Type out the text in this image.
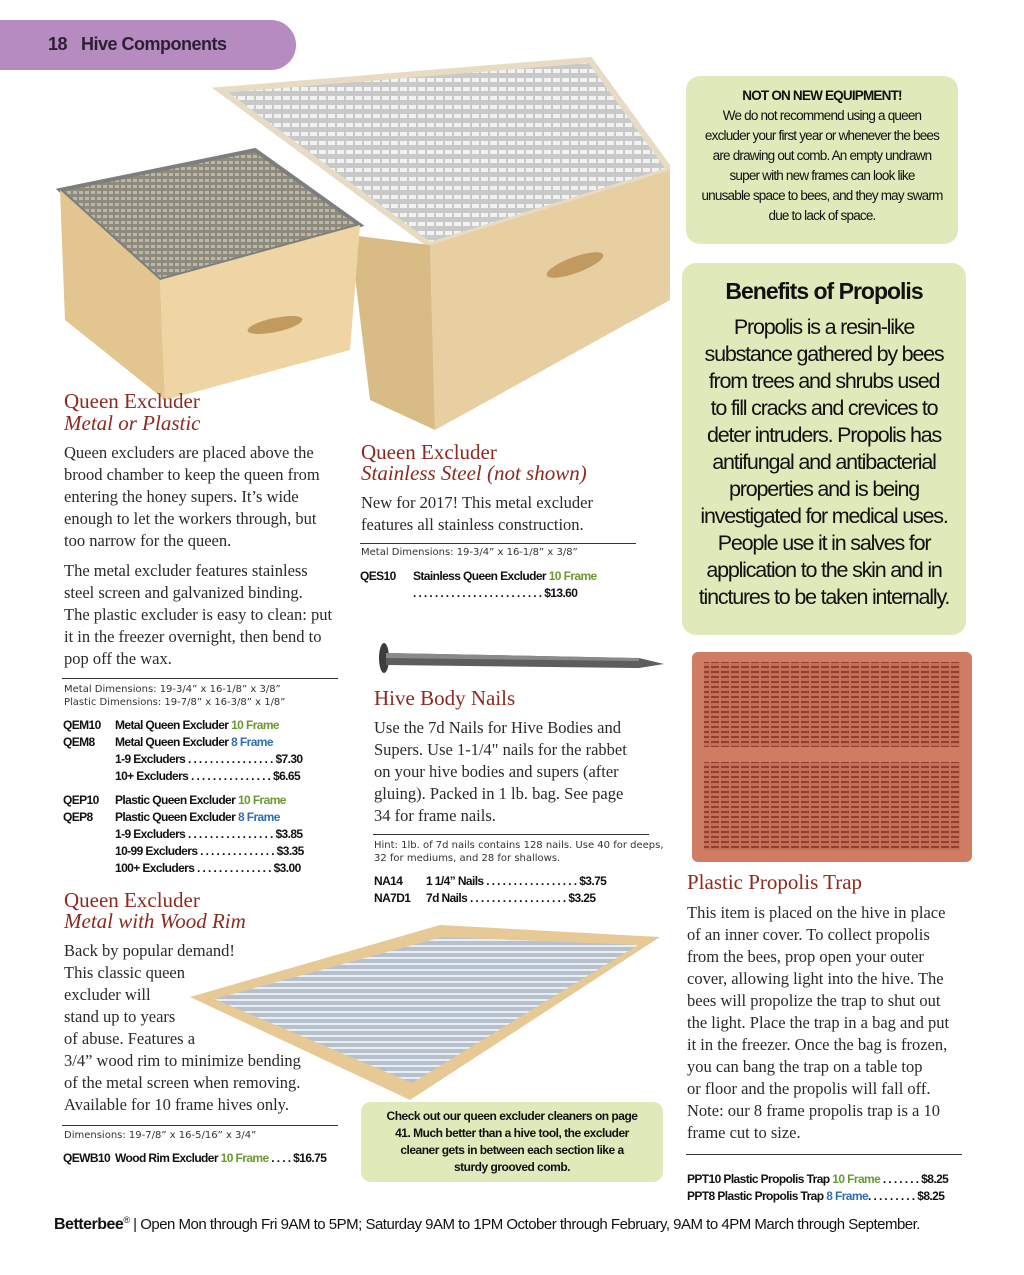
18 Hive Components
NOT ON NEW EQUIPMENT!
We do not recommend using a queen
excluder your first year or whenever the bees
are drawing out comb. An empty undrawn
super with new frames can look like
unusable space to bees, and they may swarm
due to lack of space.
Benefits of Propolis
Propolis is a resin-like
substance gathered by bees
from trees and shrubs used
to fill cracks and crevices to
deter intruders. Propolis has
antifungal and antibacterial
properties and is being
investigated for medical uses.
People use it in salves for
application to the skin and in
tinctures to be taken internally.
Queen Excluder
Metal or Plastic
Queen excluders are placed above the
brood chamber to keep the queen from
entering the honey supers. It’s wide
enough to let the workers through, but
too narrow for the queen.
The metal excluder features stainless
steel screen and galvanized binding.
The plastic excluder is easy to clean: put
it in the freezer overnight, then bend to
pop off the wax.
Metal Dimensions: 19-3/4” x 16-1/8” x 3/8”
Plastic Dimensions: 19-7/8” x 16-3/8” x 1/8”
QEM10 Metal Queen Excluder 10 Frame
QEM8 Metal Queen Excluder 8 Frame
1-9 Excluders . . . . . . . . . . . . . . . . $7.30
10+ Excluders . . . . . . . . . . . . . . . $6.65
QEP10 Plastic Queen Excluder 10 Frame
QEP8 Plastic Queen Excluder 8 Frame
1-9 Excluders . . . . . . . . . . . . . . . . $3.85
10-99 Excluders . . . . . . . . . . . . . . $3.35
100+ Excluders . . . . . . . . . . . . . . $3.00
Queen Excluder
Stainless Steel (not shown)
New for 2017! This metal excluder
features all stainless construction.
Metal Dimensions: 19-3/4” x 16-1/8” x 3/8”
QES10 Stainless Queen Excluder 10 Frame
. . . . . . . . . . . . . . . . . . . . . . . . $13.60
Hive Body Nails
Use the 7d Nails for Hive Bodies and
Supers. Use 1-1/4" nails for the rabbet
on your hive bodies and supers (after
gluing). Packed in 1 lb. bag. See page
34 for frame nails.
Hint: 1lb. of 7d nails contains 128 nails. Use 40 for deeps,
32 for mediums, and 28 for shallows.
NA14 1 1/4” Nails . . . . . . . . . . . . . . . . . $3.75
NA7D1 7d Nails . . . . . . . . . . . . . . . . . . $3.25
Plastic Propolis Trap
This item is placed on the hive in place
of an inner cover. To collect propolis
from the bees, prop open your outer
cover, allowing light into the hive. The
bees will propolize the trap to shut out
the light. Place the trap in a bag and put
it in the freezer. Once the bag is frozen,
you can bang the trap on a table top
or floor and the propolis will fall off.
Note: our 8 frame propolis trap is a 10
frame cut to size.
PPT10 Plastic Propolis Trap 10 Frame . . . . . . . $8.25
PPT8 Plastic Propolis Trap 8 Frame. . . . . . . . . $8.25
Queen Excluder
Metal with Wood Rim
Back by popular demand!
This classic queen
excluder will
stand up to years
of abuse. Features a
3/4” wood rim to minimize bending
of the metal screen when removing.
Available for 10 frame hives only.
Dimensions: 19-7/8” x 16-5/16” x 3/4”
QEWB10 Wood Rim Excluder 10 Frame . . . . $16.75
Check out our queen excluder cleaners on page
41. Much better than a hive tool, the excluder
cleaner gets in between each section like a
sturdy grooved comb.
Betterbee® | Open Mon through Fri 9AM to 5PM; Saturday 9AM to 1PM October through February, 9AM to 4PM March through September.
